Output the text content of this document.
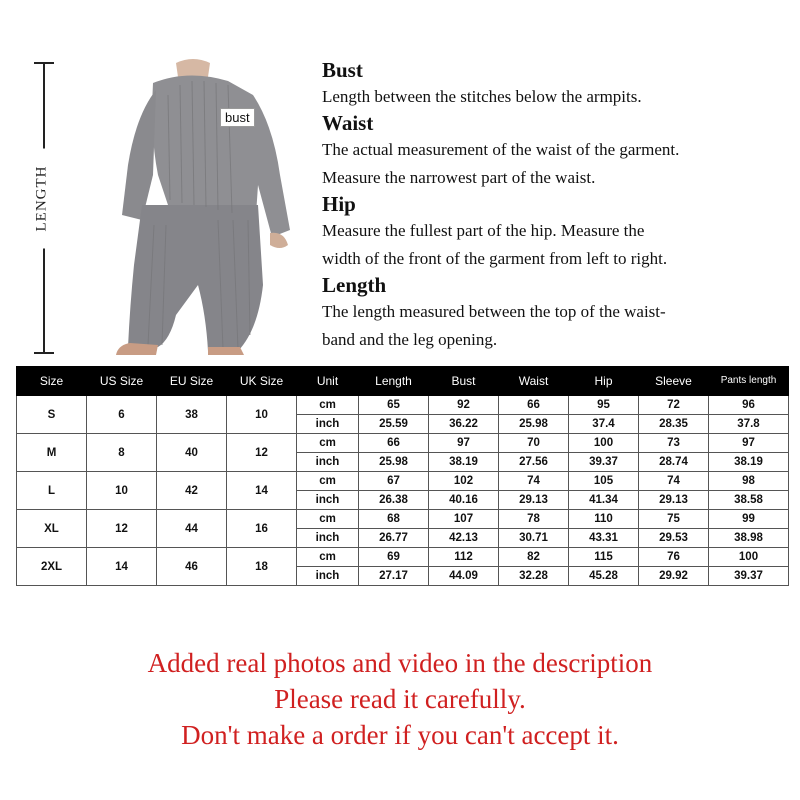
LENGTH
bust
Bust
Length between the stitches below the armpits.
Waist
The actual measurement of the waist of the garment.
Measure the narrowest part of the waist.
Hip
Measure the fullest part of the hip. Measure the
width of the front of the garment from left to right.
Length
The length measured between the top of the waist-
band and the leg opening.
Size	US Size	EU Size	UK Size	Unit	Length	Bust	Waist	Hip	Sleeve	Pants length
S	6	38	10	cm	65	92	66	95	72	96
				inch	25.59	36.22	25.98	37.4	28.35	37.8
M	8	40	12	cm	66	97	70	100	73	97
				inch	25.98	38.19	27.56	39.37	28.74	38.19
L	10	42	14	cm	67	102	74	105	74	98
				inch	26.38	40.16	29.13	41.34	29.13	38.58
XL	12	44	16	cm	68	107	78	110	75	99
				inch	26.77	42.13	30.71	43.31	29.53	38.98
2XL	14	46	18	cm	69	112	82	115	76	100
				inch	27.17	44.09	32.28	45.28	29.92	39.37
Added real photos and video in the description
Please read it carefully.
Don't make a order if you can't accept it.
